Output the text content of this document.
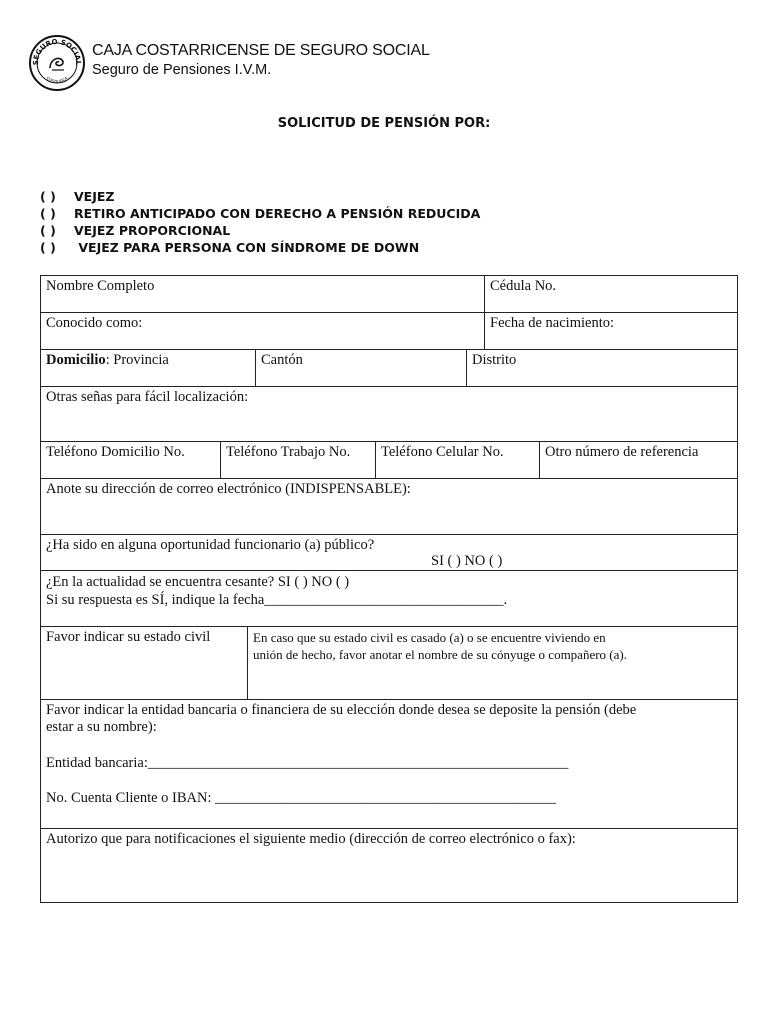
SEGURO SOCIAL
COSTA RICA
CAJA COSTARRICENSE DE SEGURO SOCIAL
Seguro de Pensiones I.V.M.
SOLICITUD DE PENSIÓN POR:
( ) VEJEZ
( ) RETIRO ANTICIPADO CON DERECHO A PENSIÓN REDUCIDA
( ) VEJEZ PROPORCIONAL
( ) VEJEZ PARA PERSONA CON SÍNDROME DE DOWN
Nombre Completo	Cédula No.
Conocido como:	Fecha de nacimiento:
Domicilio: Provincia	Cantón	Distrito
Otras señas para fácil localización:
Teléfono Domicilio No.	Teléfono Trabajo No.	Teléfono Celular No.	Otro número de referencia
Anote su dirección de correo electrónico (INDISPENSABLE):
¿Ha sido en alguna oportunidad funcionario (a) público?
SI ( ) NO ( )
¿En la actualidad se encuentra cesante? SI ( ) NO ( )
Si su respuesta es SÍ, indique la fecha_________________________________.
Favor indicar su estado civil	En caso que su estado civil es casado (a) o se encuentre viviendo en
unión de hecho, favor anotar el nombre de su cónyuge o compañero (a).
Favor indicar la entidad bancaria o financiera de su elección donde desea se deposite la pensión (debe
estar a su nombre):
Entidad bancaria:__________________________________________________________
No. Cuenta Cliente o IBAN: _______________________________________________
Autorizo que para notificaciones el siguiente medio (dirección de correo electrónico o fax):
